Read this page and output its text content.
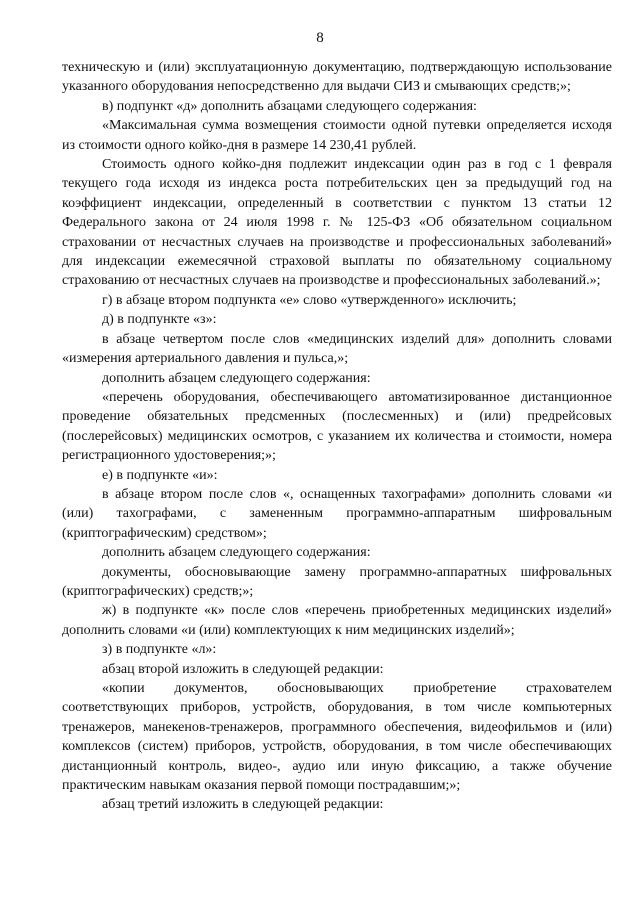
8

техническую и (или) эксплуатационную документацию, подтверждающую использование указанного оборудования непосредственно для выдачи СИЗ и смывающих средств;»;

в) подпункт «д» дополнить абзацами следующего содержания:

«Максимальная сумма возмещения стоимости одной путевки определяется исходя из стоимости одного койко-дня в размере 14 230,41 рублей.

Стоимость одного койко-дня подлежит индексации один раз в год с 1 февраля текущего года исходя из индекса роста потребительских цен за предыдущий год на коэффициент индексации, определенный в соответствии с пунктом 13 статьи 12 Федерального закона от 24 июля 1998 г. № 125-ФЗ «Об обязательном социальном страховании от несчастных случаев на производстве и профессиональных заболеваний» для индексации ежемесячной страховой выплаты по обязательному социальному страхованию от несчастных случаев на производстве и профессиональных заболеваний.»;

г) в абзаце втором подпункта «е» слово «утвержденного» исключить;

д) в подпункте «з»:

в абзаце четвертом после слов «медицинских изделий для» дополнить словами «измерения артериального давления и пульса,»;

дополнить абзацем следующего содержания:

«перечень оборудования, обеспечивающего автоматизированное дистанционное проведение обязательных предсменных (послесменных) и (или) предрейсовых (послерейсовых) медицинских осмотров, с указанием их количества и стоимости, номера регистрационного удостоверения;»;

е) в подпункте «и»:

в абзаце втором после слов «, оснащенных тахографами» дополнить словами «и (или) тахографами, с замененным программно-аппаратным шифровальным (криптографическим) средством»;

дополнить абзацем следующего содержания:

документы, обосновывающие замену программно-аппаратных шифровальных (криптографических) средств;»;

ж) в подпункте «к» после слов «перечень приобретенных медицинских изделий» дополнить словами «и (или) комплектующих к ним медицинских изделий»;

з) в подпункте «л»:

абзац второй изложить в следующей редакции:

«копии документов, обосновывающих приобретение страхователем соответствующих приборов, устройств, оборудования, в том числе компьютерных тренажеров, манекенов-тренажеров, программного обеспечения, видеофильмов и (или) комплексов (систем) приборов, устройств, оборудования, в том числе обеспечивающих дистанционный контроль, видео-, аудио или иную фиксацию, а также обучение практическим навыкам оказания первой помощи пострадавшим;»;

абзац третий изложить в следующей редакции:
